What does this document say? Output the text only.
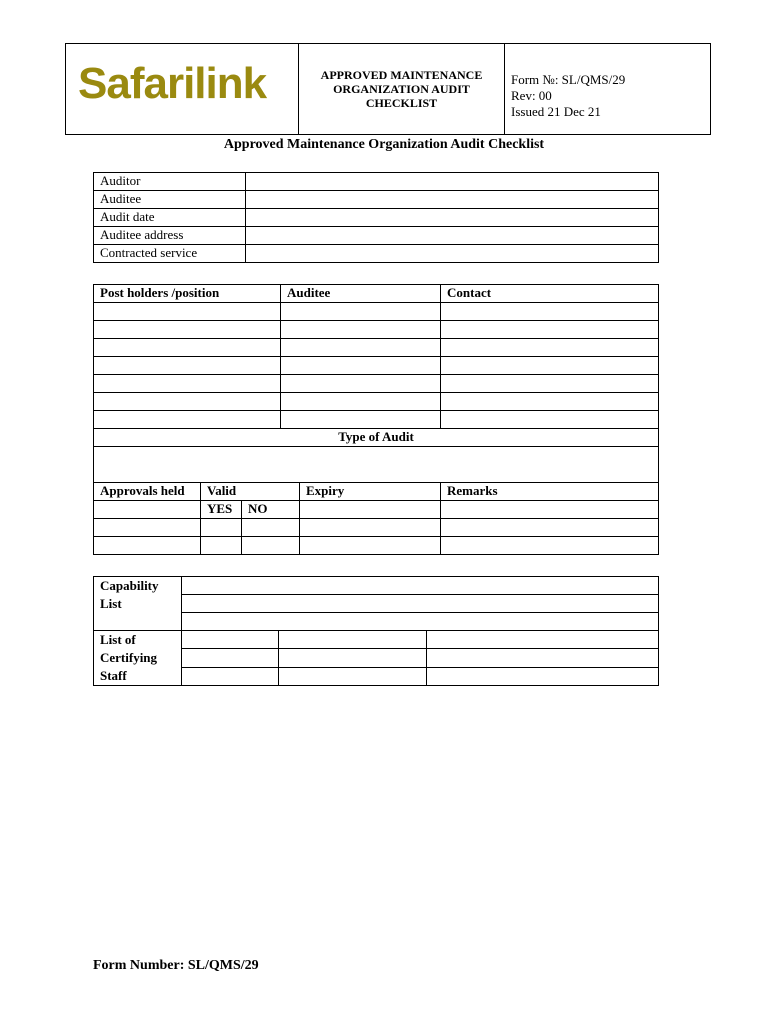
Safarilink	APPROVED MAINTENANCE
ORGANIZATION AUDIT
CHECKLIST

Form №: SL/QMS/29
Rev: 00
Issued 21 Dec 21
Approved Maintenance Organization Audit Checklist
Auditor	
Auditee	
Audit date	
Auditee address	
Contracted service	
Post holders /position			Auditee		Contact

Type of Audit					

Approvals held	Valid			Expiry	Remarks
	YES	NO			

Capability
List			

List of
Certifying
Staff			

Form Number: SL/QMS/29
